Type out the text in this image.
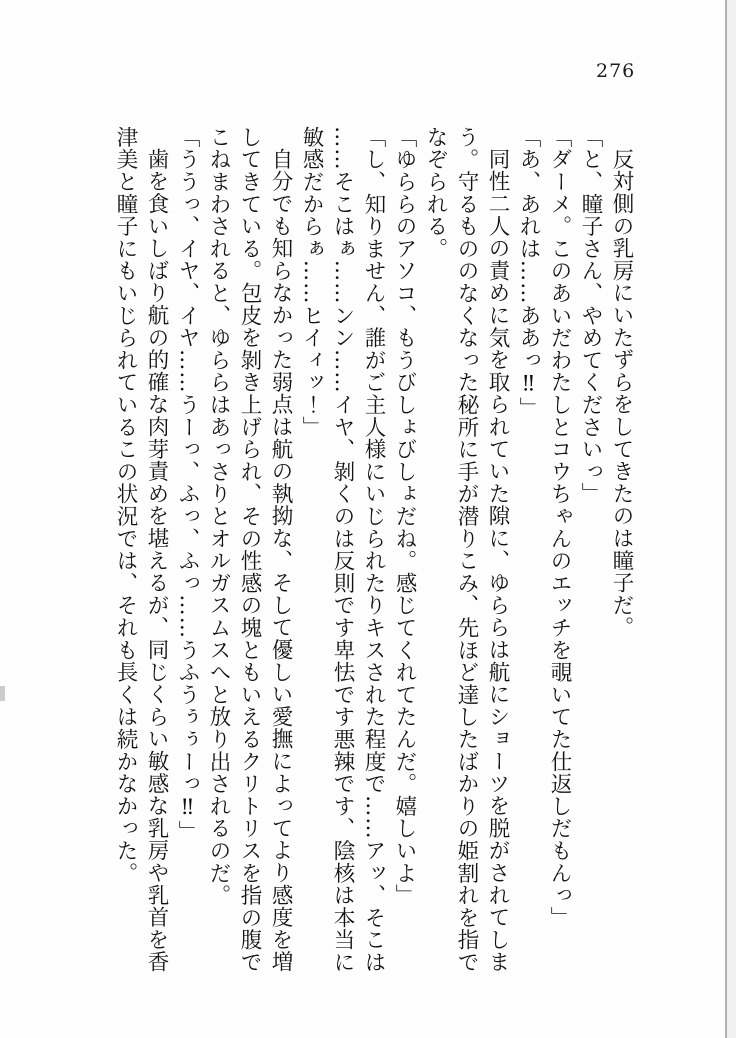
276
反対側の乳房にいたずらをしてきたのは瞳子だ。
「と、瞳子さん、やめてくださいっ」
「ダーメ。このあいだわたしとコウちゃんのエッチを覗いてた仕返しだもんっ」
「あ、あれは……ああっ‼」
同性二人の責めに気を取られていた隙に、ゆららは航にショーツを脱がされてしま
う。守るもののなくなった秘所に手が潜りこみ、先ほど達したばかりの姫割れを指で
なぞられる。
「ゆららのアソコ、もうびしょびしょだね。感じてくれてたんだ。嬉しいよ」
「し、知りません、誰がご主人様にいじられたりキスされた程度で……アッ、そこは
……そこはぁ……ンン……イヤ、剝くのは反則です卑怯です悪辣です、陰核は本当に
敏感だからぁ……ヒイィッ！」
自分でも知らなかった弱点は航の執拗な、そして優しい愛撫によってより感度を増
してきている。包皮を剝き上げられ、その性感の塊ともいえるクリトリスを指の腹で
こねまわされると、ゆららはあっさりとオルガスムスへと放り出されるのだ。
「ううっ、イヤ、イヤ……うーっ、ふっ、ふっ……うふうぅぅーっ‼」
歯を食いしばり航の的確な肉芽責めを堪えるが、同じくらい敏感な乳房や乳首を香
津美と瞳子にもいじられているこの状況では、それも長くは続かなかった。
